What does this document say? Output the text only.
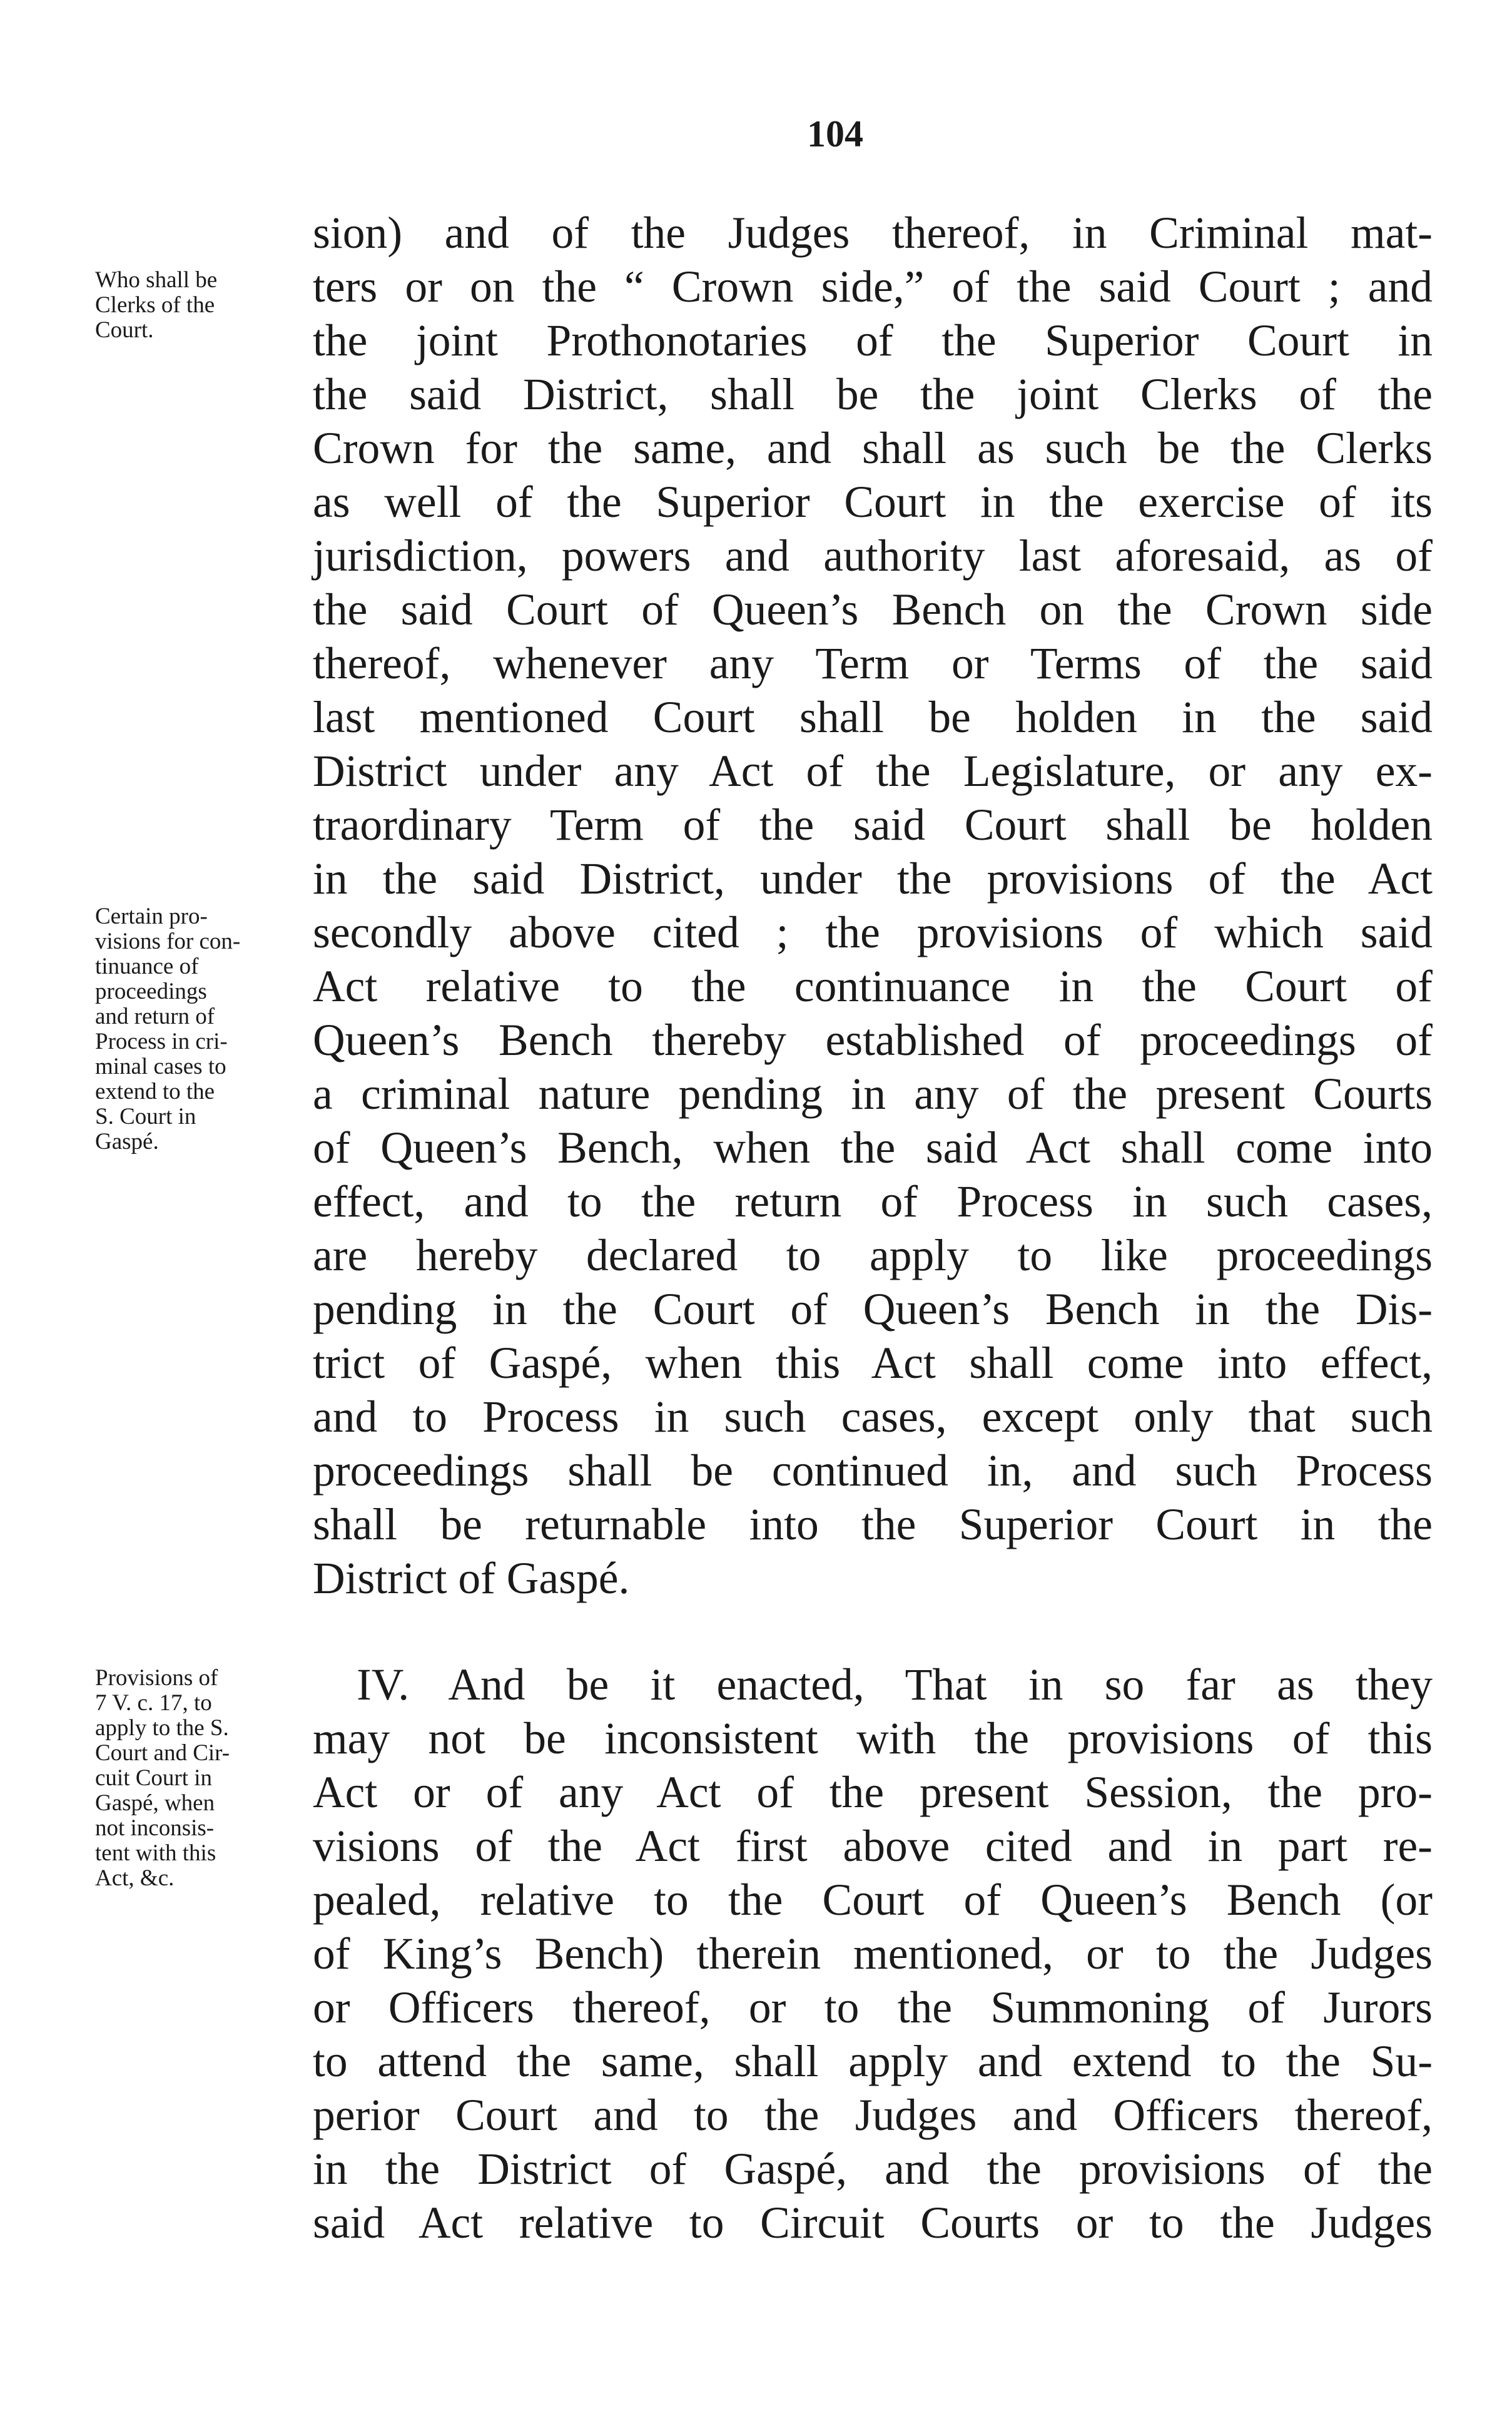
104
Who shall be
Clerks of the
Court.
Certain pro-
visions for con-
tinuance of
proceedings
and return of
Process in cri-
minal cases to
extend to the
S. Court in
Gaspé.
Provisions of
7 V. c. 17, to
apply to the S.
Court and Cir-
cuit Court in
Gaspé, when
not inconsis-
tent with this
Act, &c.
sion) and of the Judges thereof, in Criminal mat-
ters or on the “ Crown side,” of the said Court ; and
the joint Prothonotaries of the Superior Court in
the said District, shall be the joint Clerks of the
Crown for the same, and shall as such be the Clerks
as well of the Superior Court in the exercise of its
jurisdiction, powers and authority last aforesaid, as of
the said Court of Queen’s Bench on the Crown side
thereof, whenever any Term or Terms of the said
last mentioned Court shall be holden in the said
District under any Act of the Legislature, or any ex-
traordinary Term of the said Court shall be holden
in the said District, under the provisions of the Act
secondly above cited ; the provisions of which said
Act relative to the continuance in the Court of
Queen’s Bench thereby established of proceedings of
a criminal nature pending in any of the present Courts
of Queen’s Bench, when the said Act shall come into
effect, and to the return of Process in such cases,
are hereby declared to apply to like proceedings
pending in the Court of Queen’s Bench in the Dis-
trict of Gaspé, when this Act shall come into effect,
and to Process in such cases, except only that such
proceedings shall be continued in, and such Process
shall be returnable into the Superior Court in the
District of Gaspé.
IV. And be it enacted, That in so far as they
may not be inconsistent with the provisions of this
Act or of any Act of the present Session, the pro-
visions of the Act first above cited and in part re-
pealed, relative to the Court of Queen’s Bench (or
of King’s Bench) therein mentioned, or to the Judges
or Officers thereof, or to the Summoning of Jurors
to attend the same, shall apply and extend to the Su-
perior Court and to the Judges and Officers thereof,
in the District of Gaspé, and the provisions of the
said Act relative to Circuit Courts or to the Judges
